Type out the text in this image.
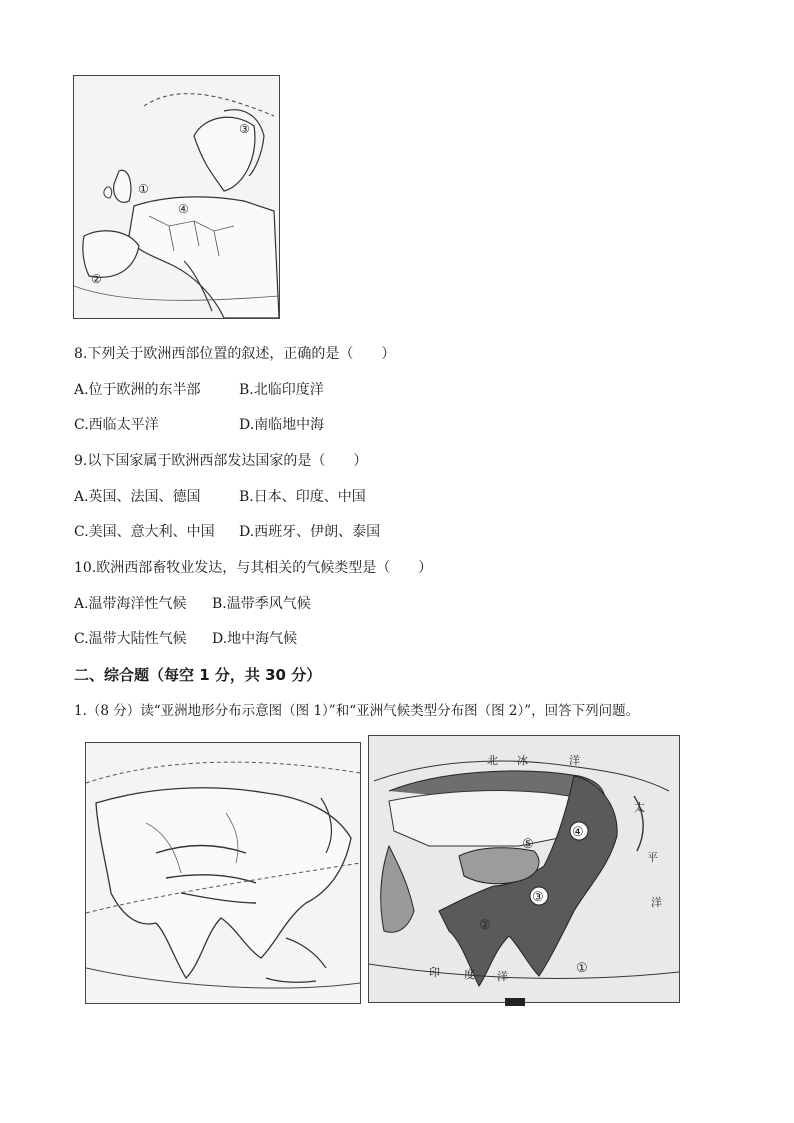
①
②
③
④
8.下列关于欧洲西部位置的叙述，正确的是（　　）
A.位于欧洲的东半部	B.北临印度洋
C.西临太平洋	D.南临地中海
9.以下国家属于欧洲西部发达国家的是（　　）
A.英国、法国、德国	B.日本、印度、中国
C.美国、意大利、中国 D.西班牙、伊朗、泰国
10.欧洲西部畜牧业发达，与其相关的气候类型是（　　）
A.温带海洋性气候 B.温带季风气候
C.温带大陆性气候 D.地中海气候
二、综合题（每空 1 分，共 30 分）
1.（8 分）读“亚洲地形分布示意图（图 1）”和“亚洲气候类型分布图（图 2）”，回答下列问题。
⑤
④
③
②
①
北 冰	洋
太
平
洋
印 度 洋
